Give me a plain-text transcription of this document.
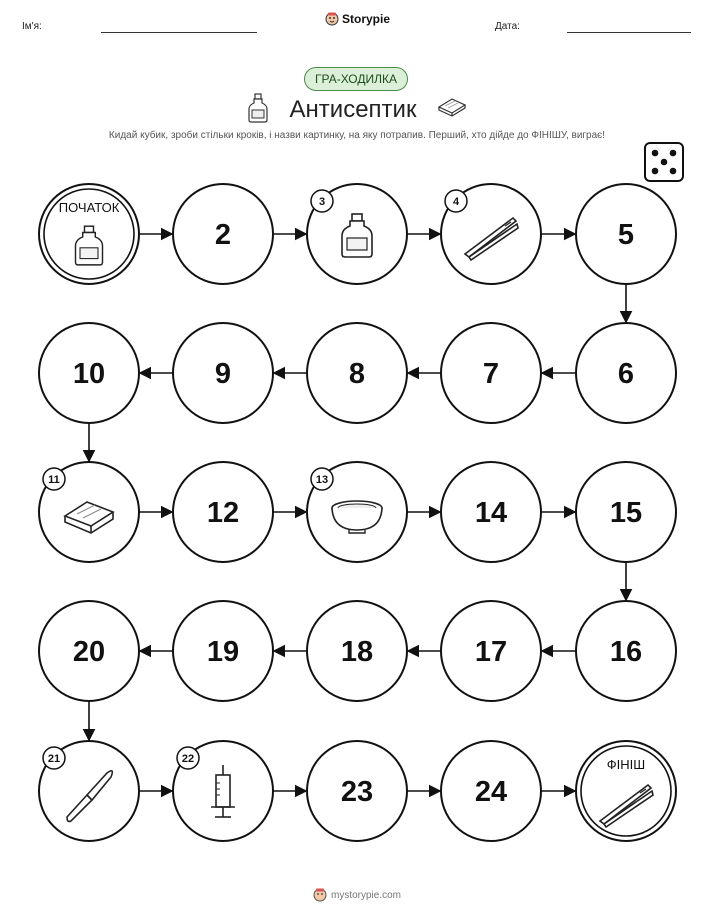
Ім'я:
Storypie
Дата:
ГРА-ХОДИЛКА
Антисептик
Кидай кубик, зроби стільки кроків, і назви картинку, на яку потрапив. Перший, хто дійде до ФІНІШУ, виграє!
ПОЧАТОК
2
3	4
5
6
7
8
9
10
11
12
13
14	15
16
17
18
19
20
21	22
23	24
ФІНІШ
mystorypie.com
